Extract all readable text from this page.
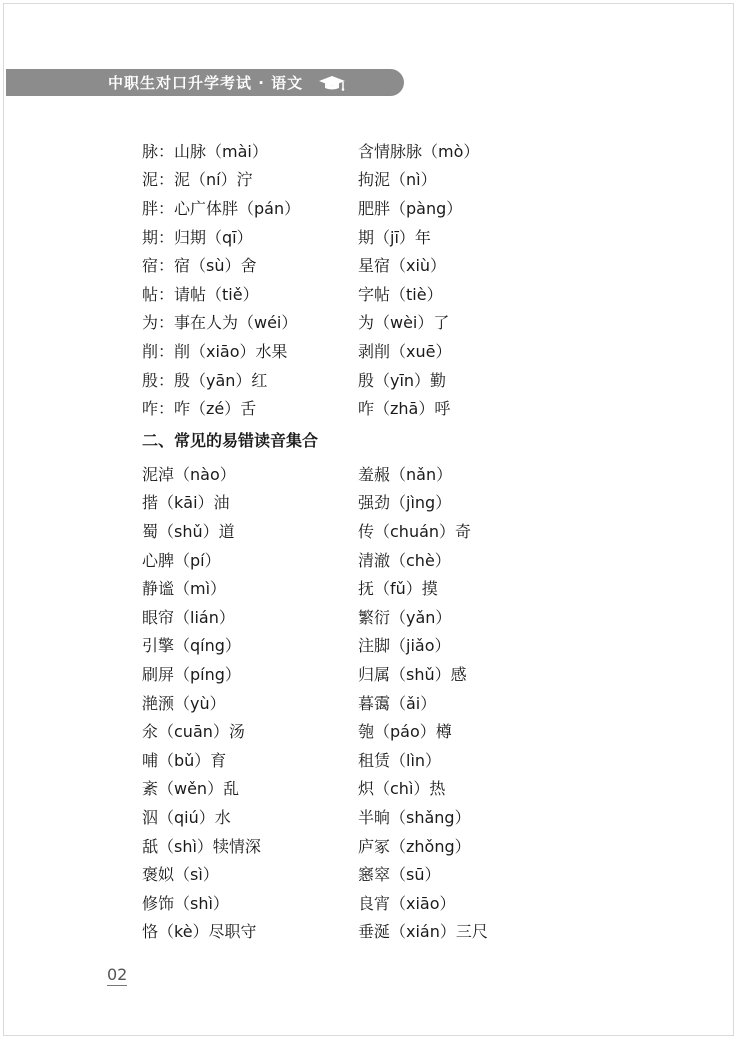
中职生对口升学考试 · 语文
脉：山脉（mài）	含情脉脉（mò）
泥：泥（ní）泞	拘泥（nì）
胖：心广体胖（pán）	肥胖（pàng）
期：归期（qī）	期（jī）年
宿：宿（sù）舍	星宿（xiù）
帖：请帖（tiě）	字帖（tiè）
为：事在人为（wéi）	为（wèi）了
削：削（xiāo）水果	剥削（xuē）
殷：殷（yān）红	殷（yīn）勤
咋：咋（zé）舌	咋（zhā）呼
二、常见的易错读音集合
泥淖（nào）	羞赧（nǎn）
揩（kāi）油	强劲（jìng）
蜀（shǔ）道	传（chuán）奇
心脾（pí）	清澈（chè）
静谧（mì）	抚（fǔ）摸
眼帘（lián）	繁衍（yǎn）
引擎（qíng）	注脚（jiǎo）
刷屏（píng）	归属（shǔ）感
滟滪（yù）	暮霭（ǎi）
氽（cuān）汤	匏（páo）樽
哺（bǔ）育	租赁（lìn）
紊（wěn）乱	炽（chì）热
泅（qiú）水	半晌（shǎng）
舐（shì）犊情深	庐冢（zhǒng）
褒姒（sì）	窸窣（sū）
修饰（shì）	良宵（xiāo）
恪（kè）尽职守	垂涎（xián）三尺
02
